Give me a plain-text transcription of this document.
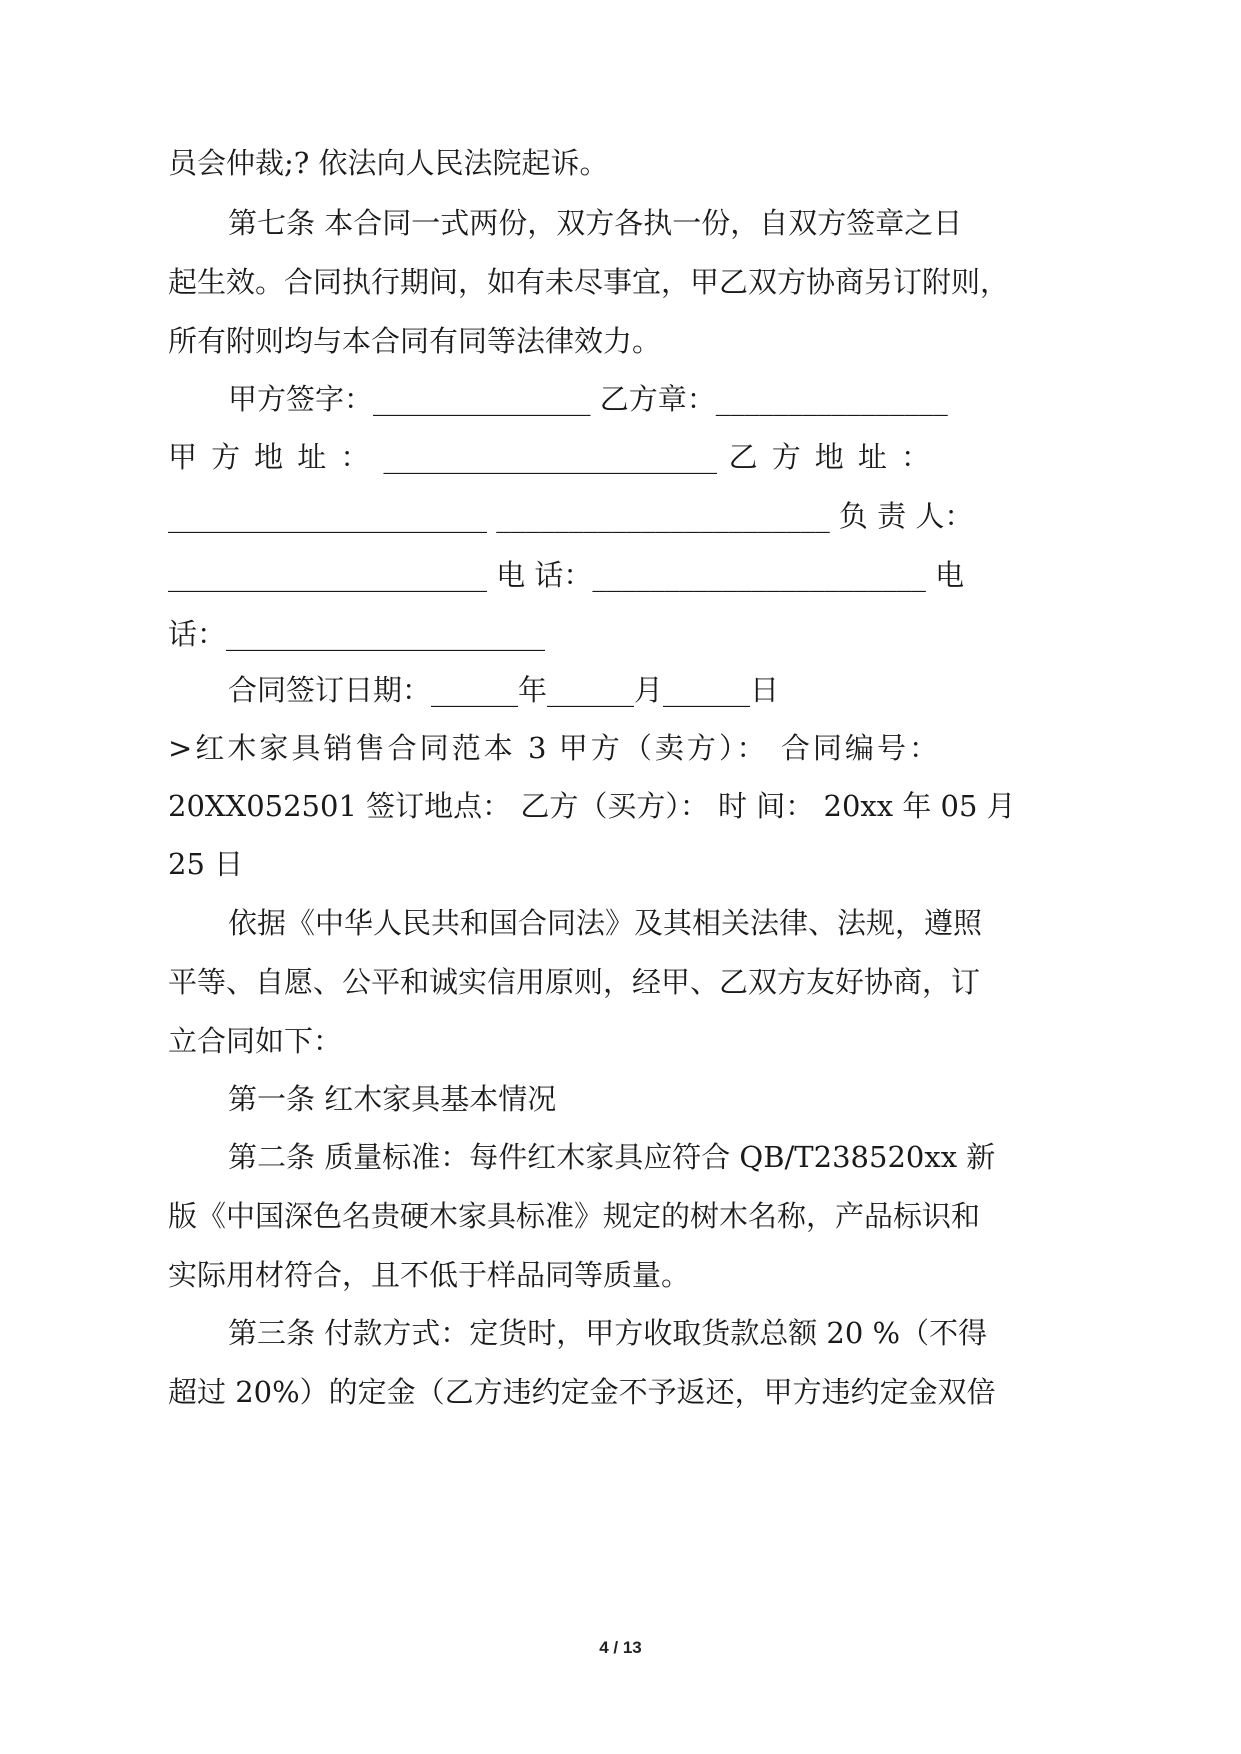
员会仲裁;? 依法向人民法院起诉。
第七条 本合同一式两份，双方各执一份，自双方签章之日
起生效。合同执行期间，如有未尽事宜，甲乙双方协商另订附则，
所有附则均与本合同有同等法律效力。
甲方签字：_______________ 乙方章：________________
甲 方 地 址 ： _______________________ 乙 方 地 址 ：
______________________ _______________________ 负 责 人：
______________________ 电 话：_______________________ 电
话：______________________
合同签订日期：______年______月______日
>红木家具销售合同范本 3 甲方（卖方）： 合同编号：
20XX052501 签订地点： 乙方（买方）： 时 间： 20xx 年 05 月
25 日
依据《中华人民共和国合同法》及其相关法律、法规，遵照
平等、自愿、公平和诚实信用原则，经甲、乙双方友好协商，订
立合同如下：
第一条 红木家具基本情况
第二条 质量标准：每件红木家具应符合 QB/T238520xx 新
版《中国深色名贵硬木家具标准》规定的树木名称，产品标识和
实际用材符合，且不低于样品同等质量。
第三条 付款方式：定货时，甲方收取货款总额 20 %（不得
超过 20%）的定金（乙方违约定金不予返还，甲方违约定金双倍
4 / 13
